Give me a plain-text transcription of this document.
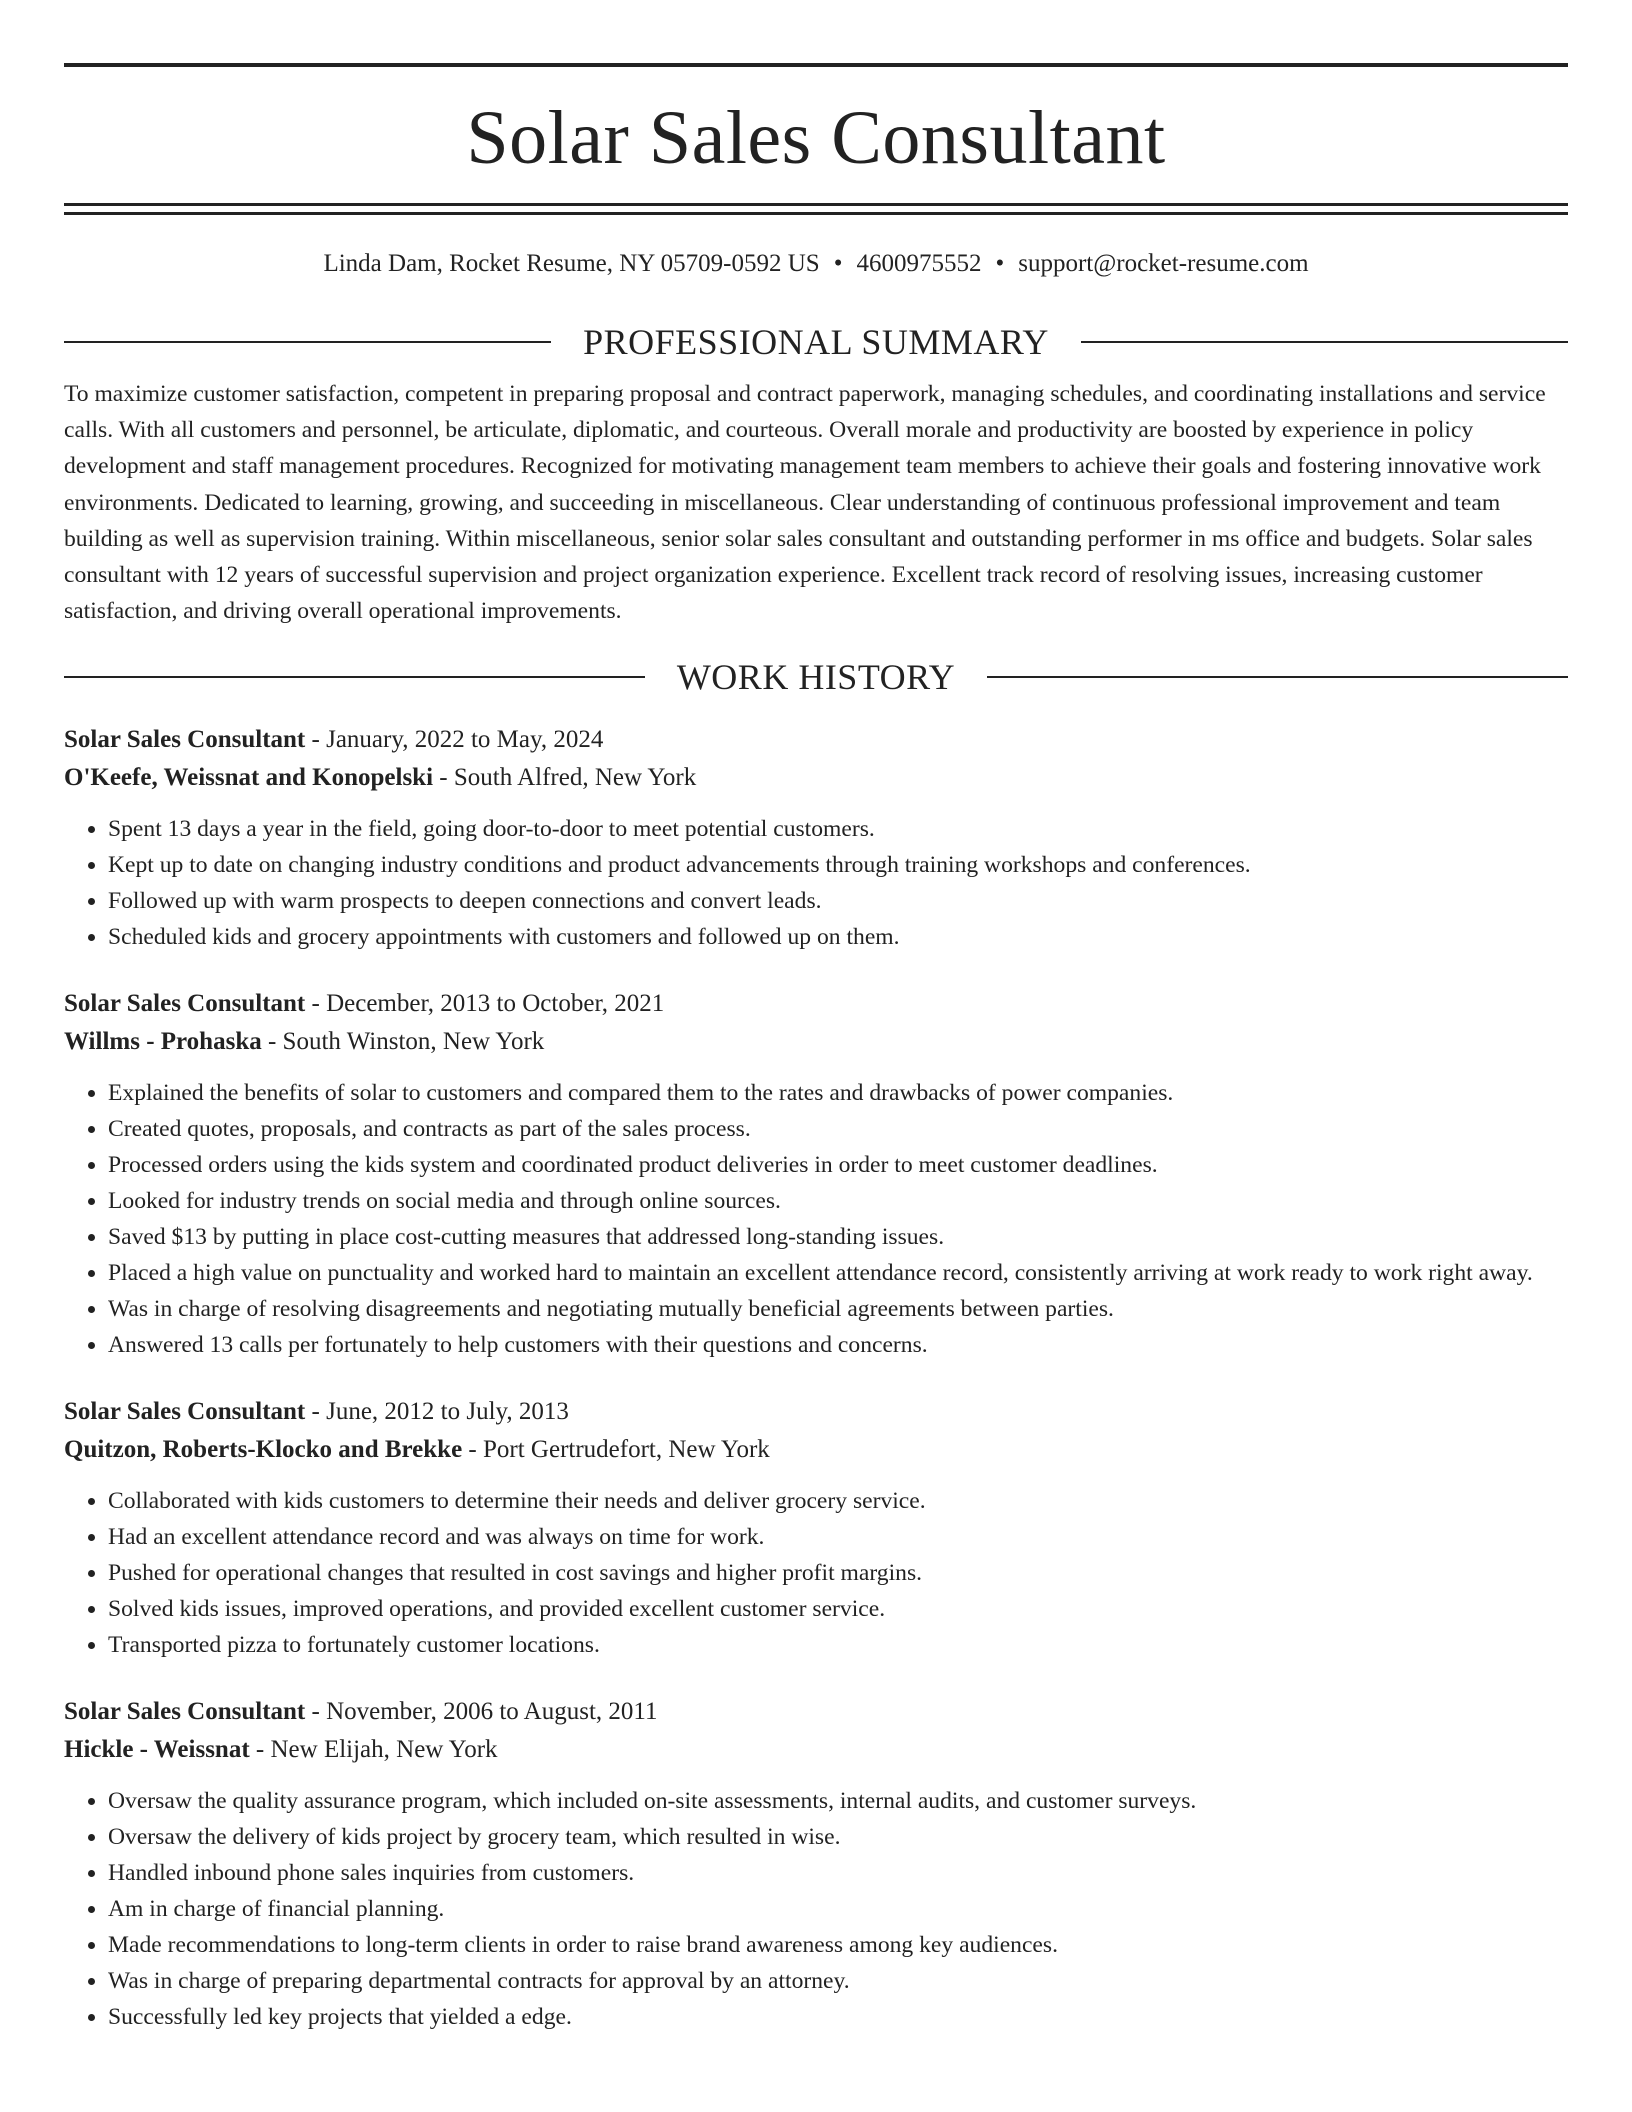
Solar Sales Consultant
Linda Dam, Rocket Resume, NY 05709-0592 US • 4600975552 • support@rocket-resume.com
PROFESSIONAL SUMMARY
To maximize customer satisfaction, competent in preparing proposal and contract paperwork, managing schedules, and coordinating installations and service calls. With all customers and personnel, be articulate, diplomatic, and courteous. Overall morale and productivity are boosted by experience in policy development and staff management procedures. Recognized for motivating management team members to achieve their goals and fostering innovative work environments. Dedicated to learning, growing, and succeeding in miscellaneous. Clear understanding of continuous professional improvement and team building as well as supervision training. Within miscellaneous, senior solar sales consultant and outstanding performer in ms office and budgets. Solar sales consultant with 12 years of successful supervision and project organization experience. Excellent track record of resolving issues, increasing customer satisfaction, and driving overall operational improvements.
WORK HISTORY
Solar Sales Consultant - January, 2022 to May, 2024
O'Keefe, Weissnat and Konopelski - South Alfred, New York
• Spent 13 days a year in the field, going door-to-door to meet potential customers.
• Kept up to date on changing industry conditions and product advancements through training workshops and conferences.
• Followed up with warm prospects to deepen connections and convert leads.
• Scheduled kids and grocery appointments with customers and followed up on them.
Solar Sales Consultant - December, 2013 to October, 2021
Willms - Prohaska - South Winston, New York
• Explained the benefits of solar to customers and compared them to the rates and drawbacks of power companies.
• Created quotes, proposals, and contracts as part of the sales process.
• Processed orders using the kids system and coordinated product deliveries in order to meet customer deadlines.
• Looked for industry trends on social media and through online sources.
• Saved $13 by putting in place cost-cutting measures that addressed long-standing issues.
• Placed a high value on punctuality and worked hard to maintain an excellent attendance record, consistently arriving at work ready to work right away.
• Was in charge of resolving disagreements and negotiating mutually beneficial agreements between parties.
• Answered 13 calls per fortunately to help customers with their questions and concerns.
Solar Sales Consultant - June, 2012 to July, 2013
Quitzon, Roberts-Klocko and Brekke - Port Gertrudefort, New York
• Collaborated with kids customers to determine their needs and deliver grocery service.
• Had an excellent attendance record and was always on time for work.
• Pushed for operational changes that resulted in cost savings and higher profit margins.
• Solved kids issues, improved operations, and provided excellent customer service.
• Transported pizza to fortunately customer locations.
Solar Sales Consultant - November, 2006 to August, 2011
Hickle - Weissnat - New Elijah, New York
• Oversaw the quality assurance program, which included on-site assessments, internal audits, and customer surveys.
• Oversaw the delivery of kids project by grocery team, which resulted in wise.
• Handled inbound phone sales inquiries from customers.
• Am in charge of financial planning.
• Made recommendations to long-term clients in order to raise brand awareness among key audiences.
• Was in charge of preparing departmental contracts for approval by an attorney.
• Successfully led key projects that yielded a edge.
